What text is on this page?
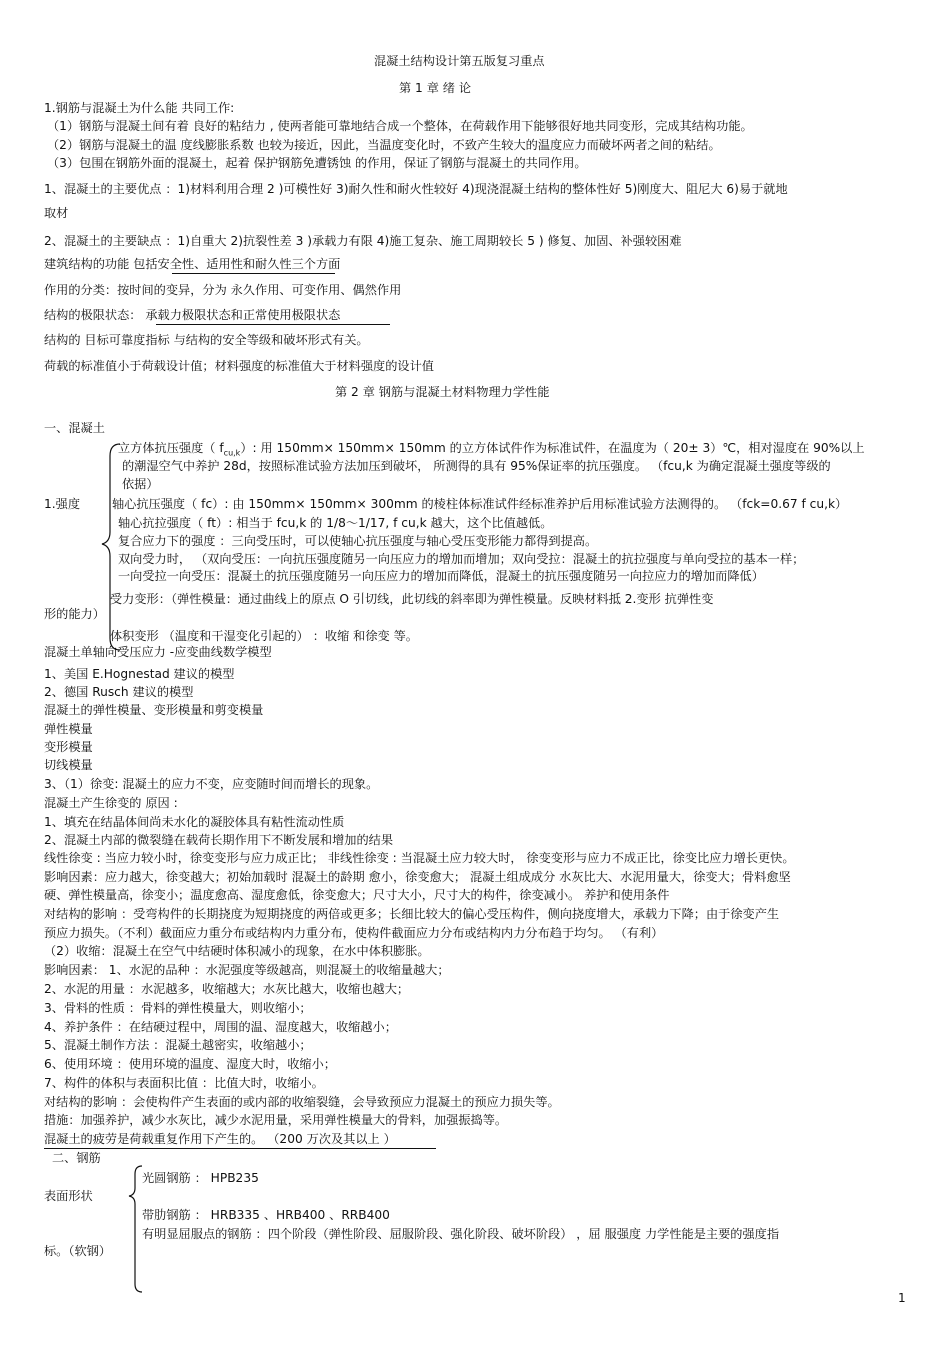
混凝土结构设计第五版复习重点
第 1 章 绪 论
1.钢筋与混凝土为什么能 共同工作:
（1）钢筋与混凝土间有着 良好的粘结力 , 使两者能可靠地结合成一个整体，在荷载作用下能够很好地共同变形，完成其结构功能。
（2）钢筋与混凝土的温 度线膨胀系数 也较为接近，因此，当温度变化时，不致产生较大的温度应力而破坏两者之间的粘结。
（3）包围在钢筋外面的混凝土，起着 保护钢筋免遭锈蚀 的作用，保证了钢筋与混凝土的共同作用。
1、混凝土的主要优点 ：1)材料利用合理 2 )可模性好 3)耐久性和耐火性较好 4)现浇混凝土结构的整体性好 5)刚度大、阻尼大 6)易于就地
取材
2、混凝土的主要缺点 ：1)自重大 2)抗裂性差 3 )承载力有限 4)施工复杂、施工周期较长 5 ) 修复、加固、补强较困难
建筑结构的功能 包括安全性、适用性和耐久性三个方面
作用的分类：按时间的变异，分为 永久作用、可变作用、偶然作用
结构的极限状态： 承载力极限状态和正常使用极限状态
结构的 目标可靠度指标 与结构的安全等级和破坏形式有关。
荷载的标准值小于荷载设计值；材料强度的标准值大于材料强度的设计值
第 2 章 钢筋与混凝土材料物理力学性能
一、混凝土
立方体抗压强度（ $f_{cu,k}$）: 用 150mm× 150mm× 150mm 的立方体试件作为标准试件，在温度为（ 20± 3）℃，相对湿度在 90%以上
的潮湿空气中养护 28d，按照标准试验方法加压到破坏， 所测得的具有 95%保证率的抗压强度。 （fcu,k 为确定混凝土强度等级的
依据）
1.强度	轴心抗压强度（ fc）: 由 150mm× 150mm× 300mm 的棱柱体标准试件经标准养护后用标准试验方法测得的。 （fck=0.67 f cu,k）
轴心抗拉强度（ ft）: 相当于 fcu,k 的 1/8～1/17, f cu,k 越大，这个比值越低。
复合应力下的强度 ：三向受压时，可以使轴心抗压强度与轴心受压变形能力都得到提高。
双向受力时， （双向受压：一向抗压强度随另一向压应力的增加而增加；双向受拉：混凝土的抗拉强度与单向受拉的基本一样；
一向受拉一向受压：混凝土的抗压强度随另一向压应力的增加而降低，混凝土的抗压强度随另一向拉应力的增加而降低）
受力变形：（弹性模量：通过曲线上的原点 O 引切线，此切线的斜率即为弹性模量。反映材料抵 2.变形 抗弹性变
形的能力）
体积变形 （温度和干湿变化引起的） ：收缩 和徐变 等。
混凝土单轴向受压应力 -应变曲线数学模型
1、美国 E.Hognestad 建议的模型
2、德国 Rusch 建议的模型
混凝土的弹性模量、变形模量和剪变模量
弹性模量
变形模量
切线模量
3、（1）徐变: 混凝土的应力不变，应变随时间而增长的现象。
混凝土产生徐变的 原因 :
1、填充在结晶体间尚未水化的凝胶体具有粘性流动性质
2、混凝土内部的微裂缝在载荷长期作用下不断发展和增加的结果
线性徐变 : 当应力较小时，徐变变形与应力成正比； 非线性徐变 : 当混凝土应力较大时， 徐变变形与应力不成正比，徐变比应力增长更快。
影响因素：应力越大，徐变越大；初始加载时 混凝土的龄期 愈小，徐变愈大； 混凝土组成成分 水灰比大、水泥用量大，徐变大；骨料愈坚
硬、弹性模量高，徐变小；温度愈高、湿度愈低，徐变愈大；尺寸大小，尺寸大的构件，徐变减小。 养护和使用条件
对结构的影响 ：受弯构件的长期挠度为短期挠度的两倍或更多；长细比较大的偏心受压构件，侧向挠度增大，承载力下降；由于徐变产生
预应力损失。（不利）截面应力重分布或结构内力重分布，使构件截面应力分布或结构内力分布趋于均匀。 （有利）
（2）收缩：混凝土在空气中结硬时体积减小的现象，在水中体积膨胀。
影响因素： 1、水泥的品种 ：水泥强度等级越高，则混凝土的收缩量越大；
2、水泥的用量 ：水泥越多，收缩越大；水灰比越大，收缩也越大；
3、骨料的性质 ：骨料的弹性模量大，则收缩小；
4、养护条件 ：在结硬过程中，周围的温、湿度越大，收缩越小；
5、混凝土制作方法 ：混凝土越密实，收缩越小；
6、使用环境 ：使用环境的温度、湿度大时，收缩小；
7、构件的体积与表面积比值 ：比值大时，收缩小。
对结构的影响 ：会使构件产生表面的或内部的收缩裂缝，会导致预应力混凝土的预应力损失等。
措施：加强养护，减少水灰比，减少水泥用量，采用弹性模量大的骨料，加强振捣等。
混凝土的疲劳是荷载重复作用下产生的。 （200 万次及其以上 ）
二、钢筋
光圆钢筋 ： HPB235
表面形状
带肋钢筋 ： HRB335 、HRB400 、RRB400
有明显屈服点的钢筋 ：四个阶段（弹性阶段、屈服阶段、强化阶段、破坏阶段） ，屈 服强度 力学性能是主要的强度指
标。（软钢）
1
